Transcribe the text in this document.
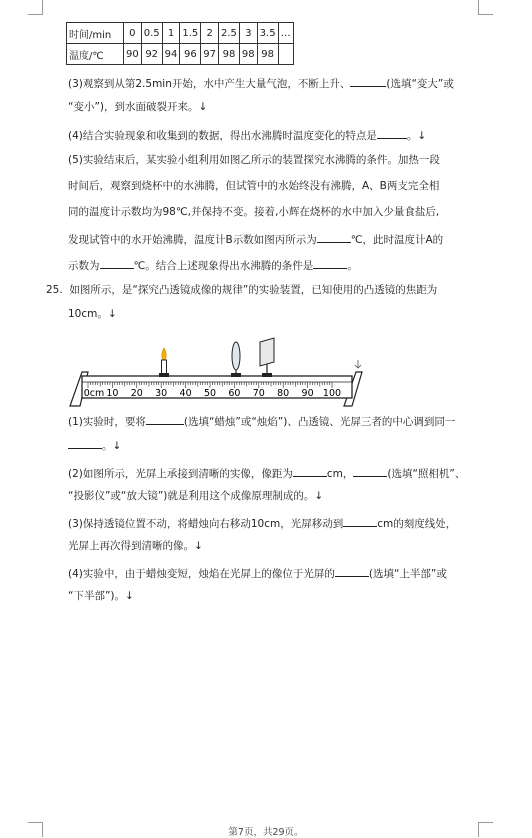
时间/min	0	0.5	1	1.5	2	2.5	3	3.5	…
温度/℃	90	92	94	96	97	98	98	98	
(3)观察到从第2.5min开始，水中产生大量气泡，不断上升、	(选填“变大”或
“变小”)，到水面破裂开来。↓
(4)结合实验现象和收集到的数据，得出水沸腾时温度变化的特点是	。↓
(5)实验结束后，某实验小组利用如图乙所示的装置探究水沸腾的条件。加热一段
时间后，观察到烧杯中的水沸腾，但试管中的水始终没有沸腾，A、B两支完全相
同的温度计示数均为98℃,并保持不变。接着,小辉在烧杯的水中加入少量食盐后,
发现试管中的水开始沸腾，温度计B示数如图丙所示为	℃，此时温度计A的
示数为	℃。结合上述现象得出水沸腾的条件是	。
25. 如图所示，是“探究凸透镜成像的规律”的实验装置，已知使用的凸透镜的焦距为
10cm。↓
0cm 10 20 30 40 50 60 70 80 90 100
(1)实验时，要将	(选填“蜡烛”或“烛焰”)、凸透镜、光屏三者的中心调到同一
。↓
(2)如图所示，光屏上承接到清晰的实像，像距为	cm，	(选填“照相机”、
“投影仪”或“放大镜”)就是利用这个成像原理制成的。↓
(3)保持透镜位置不动，将蜡烛向右移动10cm，光屏移动到	cm的刻度线处，
光屏上再次得到清晰的像。↓
(4)实验中，由于蜡烛变短，烛焰在光屏上的像位于光屏的	(选填“上半部”或
“下半部”)。↓
第7页，共29页。
